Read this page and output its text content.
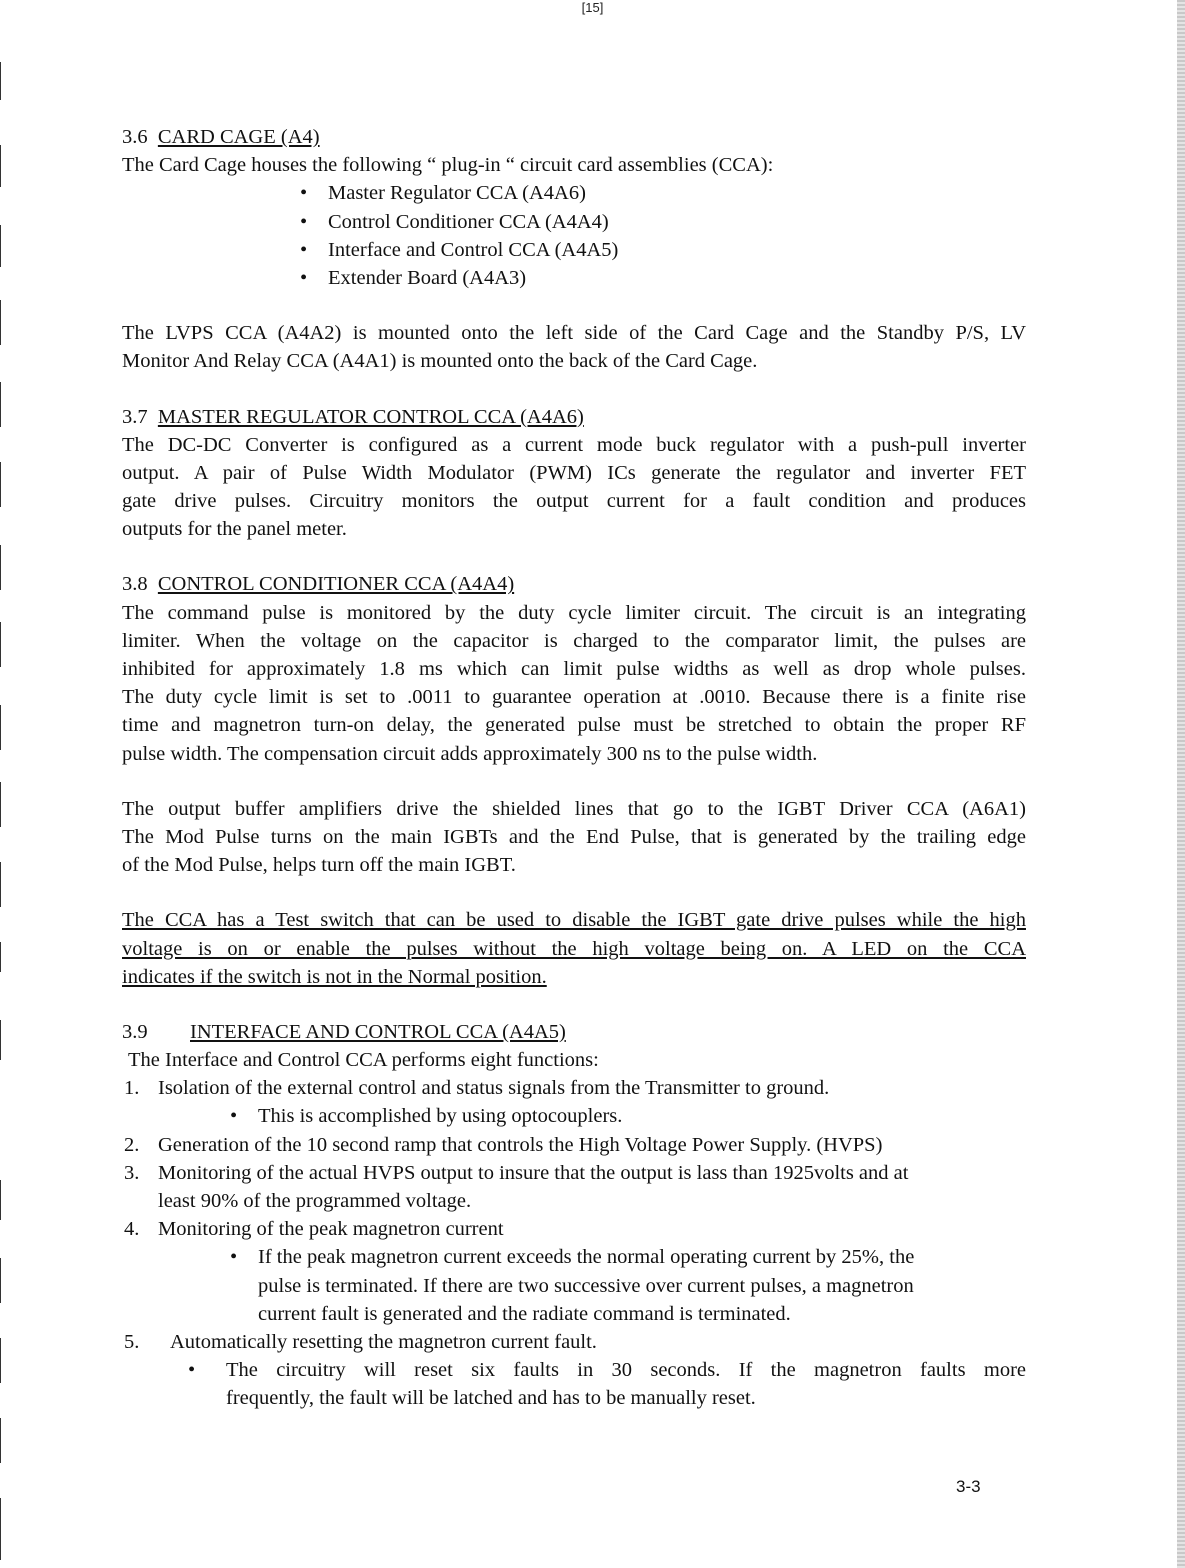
[15]
3.6 CARD CAGE (A4)
The Card Cage houses the following “ plug-in “ circuit card assemblies (CCA):
• Master Regulator CCA (A4A6)
• Control Conditioner CCA (A4A4)
• Interface and Control CCA (A4A5)
• Extender Board (A4A3)
The LVPS CCA (A4A2) is mounted onto the left side of the Card Cage and the Standby P/S, LV
Monitor And Relay CCA (A4A1) is mounted onto the back of the Card Cage.
3.7 MASTER REGULATOR CONTROL CCA (A4A6)
The DC-DC Converter is configured as a current mode buck regulator with a push-pull inverter
output. A pair of Pulse Width Modulator (PWM) ICs generate the regulator and inverter FET
gate drive pulses. Circuitry monitors the output current for a fault condition and produces
outputs for the panel meter.
3.8 CONTROL CONDITIONER CCA (A4A4)
The command pulse is monitored by the duty cycle limiter circuit. The circuit is an integrating
limiter. When the voltage on the capacitor is charged to the comparator limit, the pulses are
inhibited for approximately 1.8 ms which can limit pulse widths as well as drop whole pulses.
The duty cycle limit is set to .0011 to guarantee operation at .0010. Because there is a finite rise
time and magnetron turn-on delay, the generated pulse must be stretched to obtain the proper RF
pulse width. The compensation circuit adds approximately 300 ns to the pulse width.
The output buffer amplifiers drive the shielded lines that go to the IGBT Driver CCA (A6A1)
The Mod Pulse turns on the main IGBTs and the End Pulse, that is generated by the trailing edge
of the Mod Pulse, helps turn off the main IGBT.
The CCA has a Test switch that can be used to disable the IGBT gate drive pulses while the high
voltage is on or enable the pulses without the high voltage being on. A LED on the CCA
indicates if the switch is not in the Normal position.
3.9 INTERFACE AND CONTROL CCA (A4A5)
The Interface and Control CCA performs eight functions:
1. Isolation of the external control and status signals from the Transmitter to ground.
• This is accomplished by using optocouplers.
2. Generation of the 10 second ramp that controls the High Voltage Power Supply. (HVPS)
3. Monitoring of the actual HVPS output to insure that the output is lass than 1925volts and at
least 90% of the programmed voltage.
4. Monitoring of the peak magnetron current
• If the peak magnetron current exceeds the normal operating current by 25%, the
pulse is terminated. If there are two successive over current pulses, a magnetron
current fault is generated and the radiate command is terminated.
5. Automatically resetting the magnetron current fault.
• The circuitry will reset six faults in 30 seconds. If the magnetron faults more
frequently, the fault will be latched and has to be manually reset.
3-3
